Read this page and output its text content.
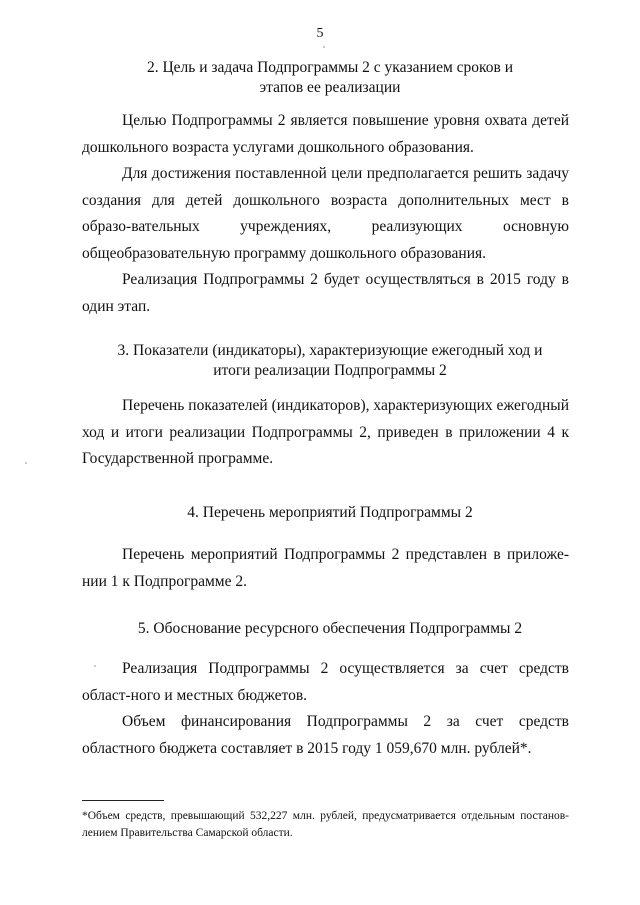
5
2. Цель и задача Подпрограммы 2 с указанием сроков и
этапов ее реализации

Целью Подпрограммы 2 является повышение уровня охвата детей дошкольного возраста услугами дошкольного образования.

Для достижения поставленной цели предполагается решить задачу создания для детей дошкольного возраста дополнительных мест в образо-вательных учреждениях, реализующих основную общеобразовательную программу дошкольного образования.

Реализация Подпрограммы 2 будет осуществляться в 2015 году в один этап.

3. Показатели (индикаторы), характеризующие ежегодный ход и
итоги реализации Подпрограммы 2

Перечень показателей (индикаторов), характеризующих ежегодный ход и итоги реализации Подпрограммы 2, приведен в приложении 4 к Государственной программе.

4. Перечень мероприятий Подпрограммы 2

Перечень мероприятий Подпрограммы 2 представлен в приложе-нии 1 к Подпрограмме 2.

5. Обоснование ресурсного обеспечения Подпрограммы 2

Реализация Подпрограммы 2 осуществляется за счет средств област-ного и местных бюджетов.

Объем финансирования Подпрограммы 2 за счет средств областного бюджета составляет в 2015 году 1 059,670 млн. рублей*.

*Объем средств, превышающий 532,227 млн. рублей, предусматривается отдельным постанов-лением Правительства Самарской области.
